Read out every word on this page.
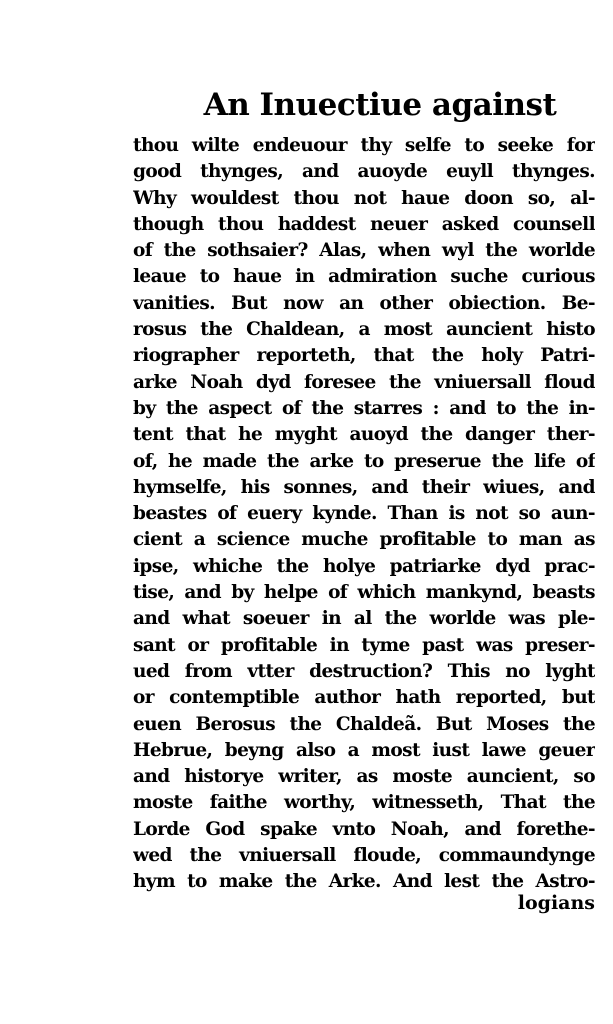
An Inuectiue against
thou wilte endeuour thy selfe to seeke for
good thynges, and auoyde euyll thynges.
Why wouldest thou not haue doon so, al-
though thou haddest neuer asked counsell
of the sothsaier? Alas, when wyl the worlde
leaue to haue in admiration suche curious
vanities. But now an other obiection. Be-
rosus the Chaldean, a most auncient histo
riographer reporteth, that the holy Patri-
arke Noah dyd foresee the vniuersall floud
by the aspect of the starres : and to the in-
tent that he myght auoyd the danger ther-
of, he made the arke to preserue the life of
hymselfe, his sonnes, and their wiues, and
beastes of euery kynde. Than is not so aun-
cient a science muche profitable to man as
ipse, whiche the holye patriarke dyd prac-
tise, and by helpe of which mankynd, beasts
and what soeuer in al the worlde was ple-
sant or profitable in tyme past was preser-
ued from vtter destruction? This no lyght
or contemptible author hath reported, but
euen Berosus the Chaldeã. But Moses the
Hebrue, beyng also a most iust lawe geuer
and historye writer, as moste auncient, so
moste faithe worthy, witnesseth, That the
Lorde God spake vnto Noah, and forethe-
wed the vniuersall floude, commaundynge
hym to make the Arke. And lest the Astro-
logians
